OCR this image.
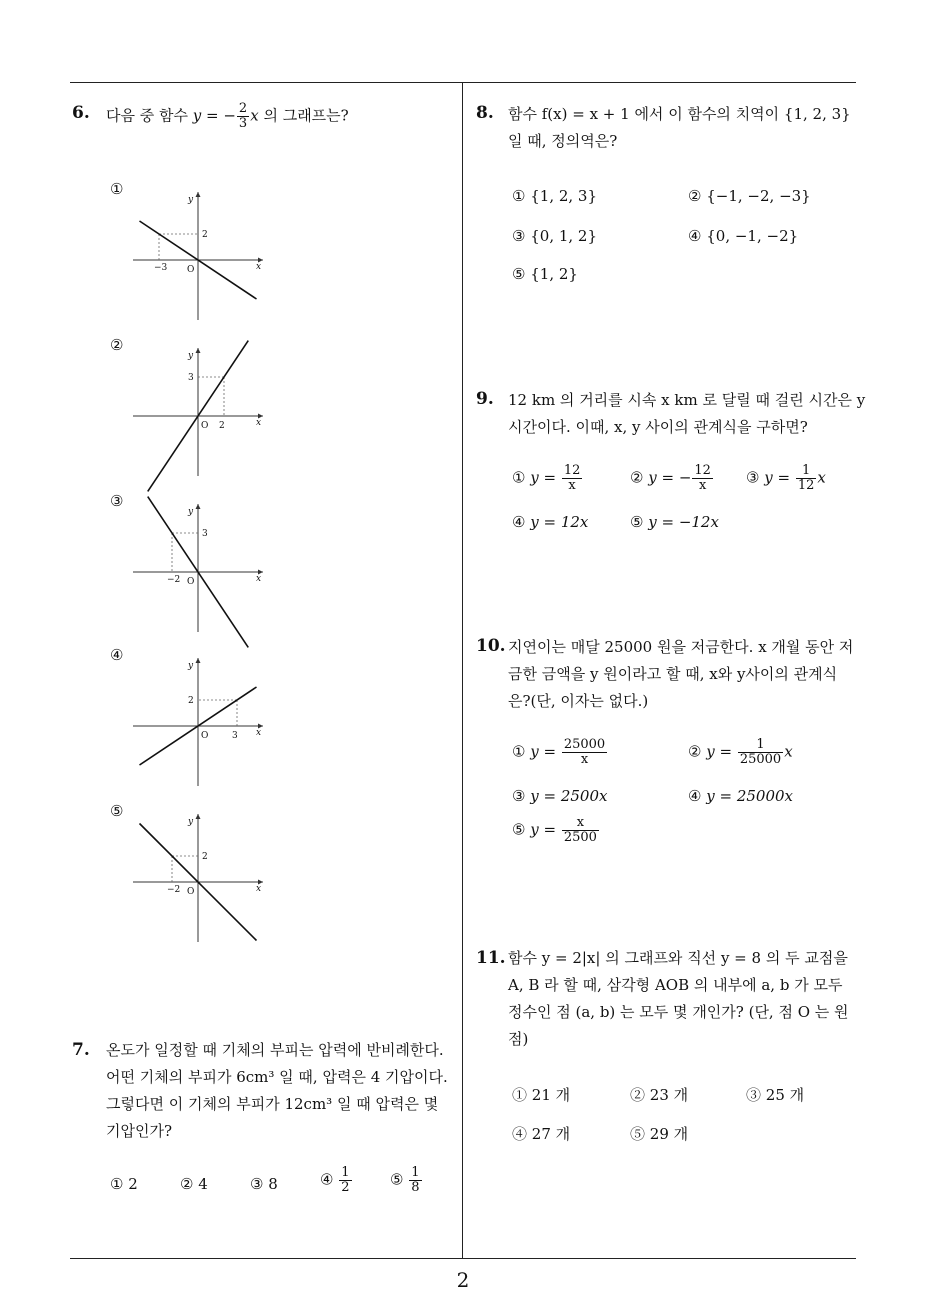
6. 다음 중 함수 y = − $\frac{2}{3}$ x 의 그래프는?
①
x
y
O
−3
2
②
x
y
O 2
3
③
x
y
O
−2
3
④
x
y
O	3
2
⑤
x
y
O
−2
2
7. 온도가 일정할 때 기체의 부피는 압력에 반비례한다.
어떤 기체의 부피가 6cm³ 일 때, 압력은 4 기압이다.
그렇다면 이 기체의 부피가 12cm³ 일 때 압력은 몇
기압인가?
① 2	② 4	③ 8	④ $\frac{1}{2}$	⑤ $\frac{1}{8}$
8. 함수 f(x) = x + 1 에서 이 함수의 치역이 {1, 2, 3}
일 때, 정의역은?
① {1, 2, 3}	② {−1, −2, −3}
③ {0, 1, 2}	④ {0, −1, −2}
⑤ {1, 2}
9. 12 km 의 거리를 시속 x km 로 달릴 때 걸린 시간은 y
시간이다. 이때, x, y 사이의 관계식을 구하면?
① $y = \frac{12}{x}$	② y = − $\frac{12}{x}$ ③ $y = \frac{1}{12}$ x
④ y = 12x	⑤ y = −12x
10. 지연이는 매달 25000 원을 저금한다. x 개월 동안 저
금한 금액을 y 원이라고 할 때, x와 y사이의 관계식
은?(단, 이자는 없다.)
① $y = \frac{25000}{x}$	② $y = \frac{1}{25000}$ x
③ y = 2500x	④ y = 25000x
⑤ $y = \frac{x}{2500}$
11. 함수 y = 2|x| 의 그래프와 직선 y = 8 의 두 교점을
A, B 라 할 때, 삼각형 AOB 의 내부에 a, b 가 모두
정수인 점 (a, b) 는 모두 몇 개인가? (단, 점 O 는 원
점)
① 21 개	② 23 개	③ 25 개
④ 27 개	⑤ 29 개
2
